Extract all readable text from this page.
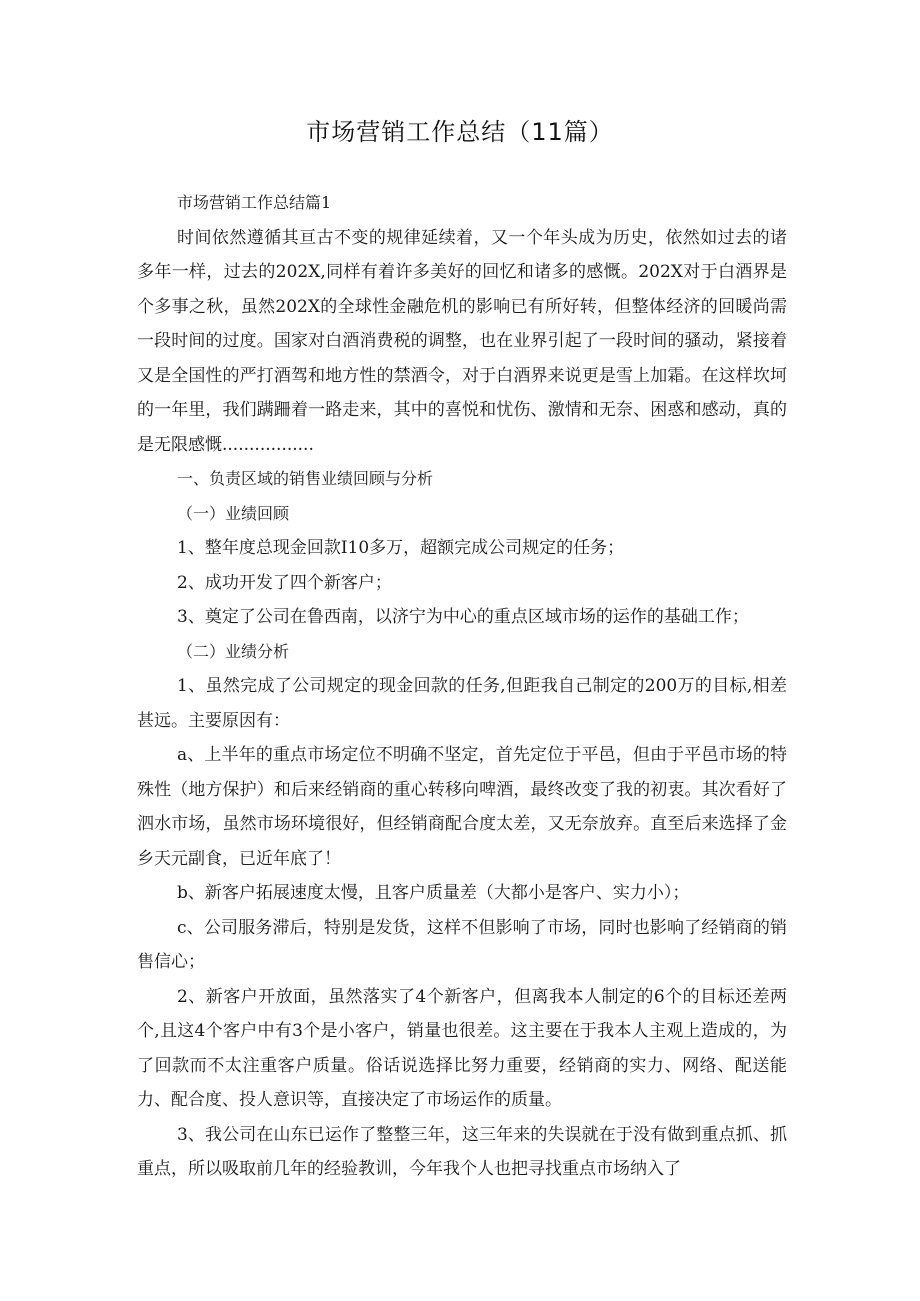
市场营销工作总结（11篇）

市场营销工作总结篇1

时间依然遵循其亘古不变的规律延续着，又一个年头成为历史，依然如过去的诸多年一样，过去的202X,同样有着许多美好的回忆和诸多的感慨。202X对于白酒界是个多事之秋，虽然202X的全球性金融危机的影响已有所好转，但整体经济的回暖尚需一段时间的过度。国家对白酒消费税的调整，也在业界引起了一段时间的骚动，紧接着又是全国性的严打酒驾和地方性的禁酒令，对于白酒界来说更是雪上加霜。在这样坎坷的一年里，我们蹒跚着一路走来，其中的喜悦和忧伤、激情和无奈、困惑和感动，真的是无限感慨.................

一、负责区域的销售业绩回顾与分析

（一）业绩回顾

1、整年度总现金回款I10多万，超额完成公司规定的任务；

2、成功开发了四个新客户；

3、奠定了公司在鲁西南，以济宁为中心的重点区域市场的运作的基础工作；

（二）业绩分析

1、虽然完成了公司规定的现金回款的任务,但距我自己制定的200万的目标,相差甚远。主要原因有：

a、上半年的重点市场定位不明确不坚定，首先定位于平邑，但由于平邑市场的特殊性（地方保护）和后来经销商的重心转移向啤酒，最终改变了我的初衷。其次看好了泗水市场，虽然市场环境很好，但经销商配合度太差，又无奈放弃。直至后来选择了金乡天元副食，已近年底了！

b、新客户拓展速度太慢，且客户质量差（大都小是客户、实力小）；

c、公司服务滞后，特别是发货，这样不但影响了市场，同时也影响了经销商的销售信心；

2、新客户开放面，虽然落实了4个新客户，但离我本人制定的6个的目标还差两个,且这4个客户中有3个是小客户，销量也很差。这主要在于我本人主观上造成的，为了回款而不太注重客户质量。俗话说选择比努力重要，经销商的实力、网络、配送能力、配合度、投人意识等，直接决定了市场运作的质量。

3、我公司在山东已运作了整整三年，这三年来的失误就在于没有做到重点抓、抓重点，所以吸取前几年的经验教训，今年我个人也把寻找重点市场纳入了
